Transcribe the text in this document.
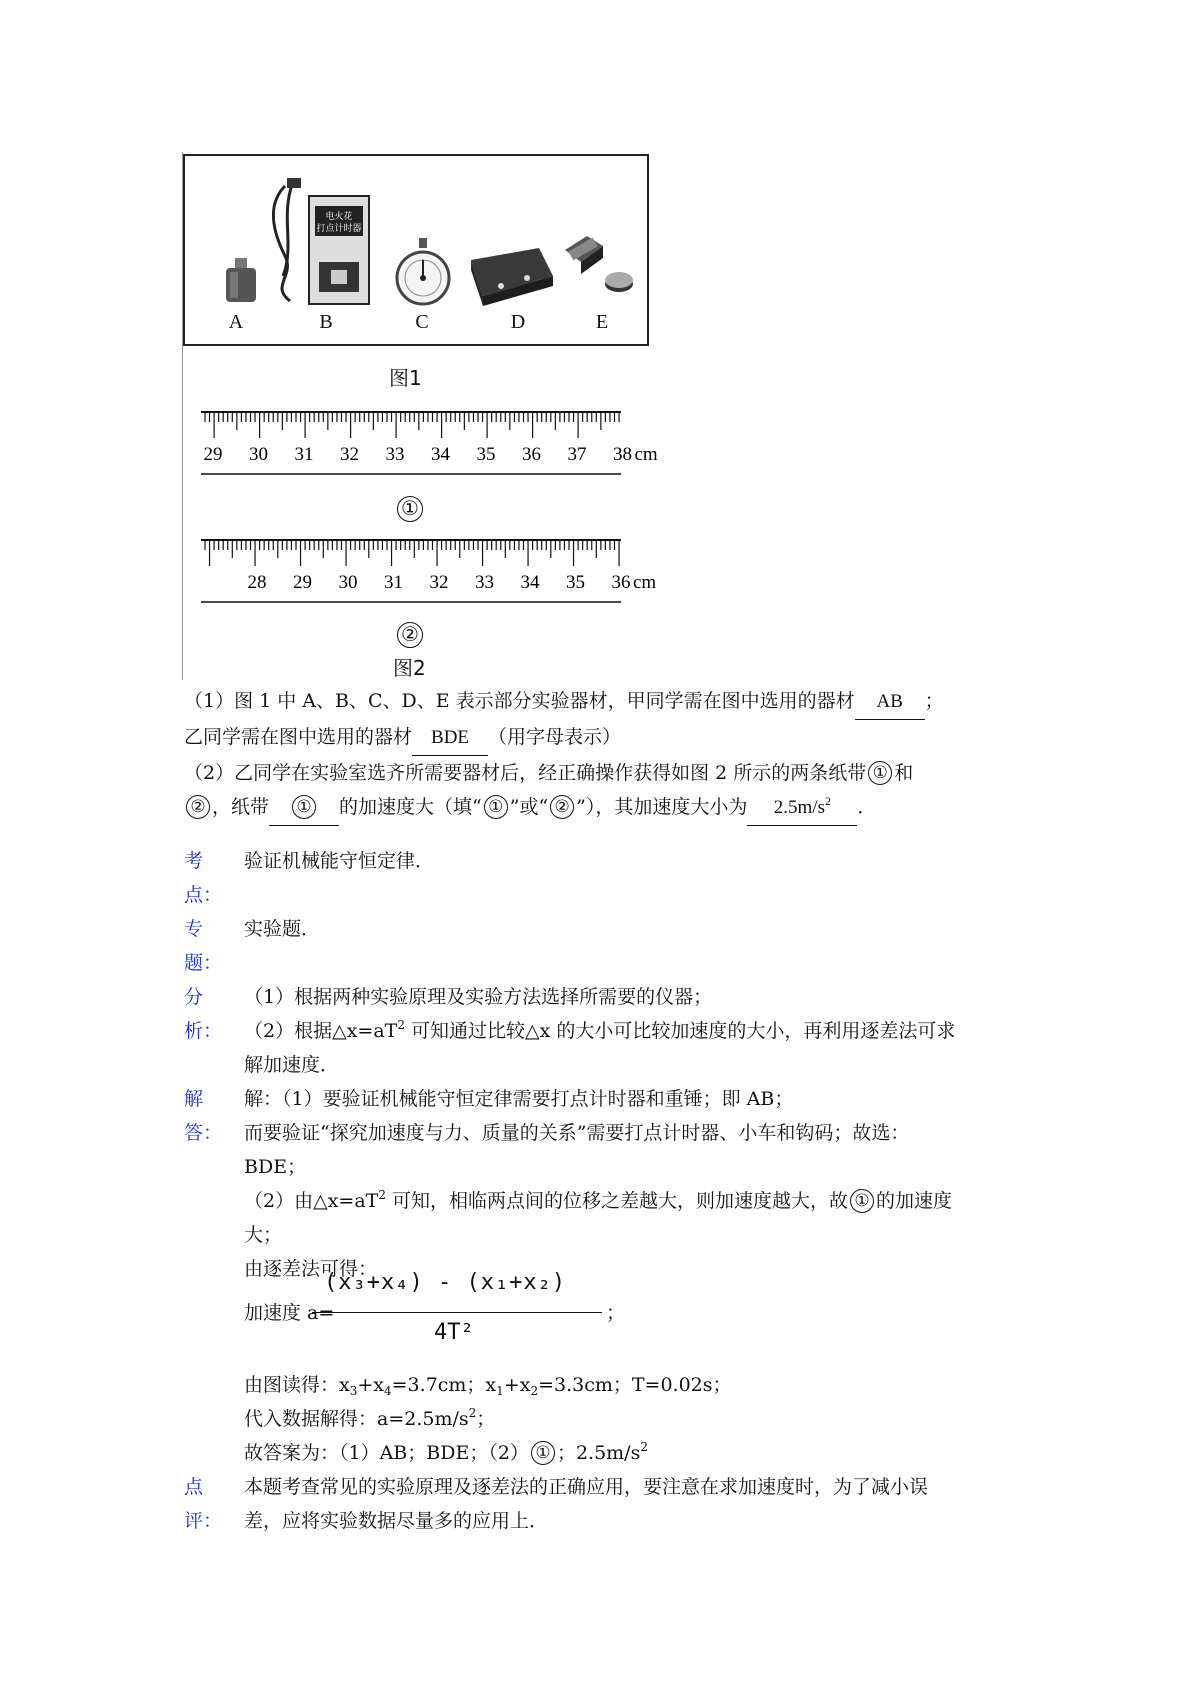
电火花
打点计时器
A	B	C	D	E
图1
29 30 31 32 33 34 35 36 37 38 cm
①
28 29 30 31 32 33 34 35 36 cm
②
图2
（1）图 1 中 A、B、C、D、E 表示部分实验器材，甲同学需在图中选用的器材 AB ；
乙同学需在图中选用的器材 BDE （用字母表示）
（2）乙同学在实验室选齐所需要器材后，经正确操作获得如图 2 所示的两条纸带 ① 和
② ，纸带 ① 的加速度大（填“ ① ”或“ ② ”），其加速度大小为 $2.5m/s^2$ ．
考
点：
验证机械能守恒定律．
专
题：
实验题．
分
析：
（1）根据两种实验原理及实验方法选择所需要的仪器；
（2）根据$\triangle x=aT^2$ 可知通过比较△x 的大小可比较加速度的大小，再利用逐差法可求
解加速度．
解
答：
解：（1）要验证机械能守恒定律需要打点计时器和重锤；即 AB；
而要验证“探究加速度与力、质量的关系”需要打点计时器、小车和钩码；故选：
BDE；
（2）由$\triangle x=aT^2$ 可知，相临两点间的位移之差越大，则加速度越大，故 ① 的加速度
大；
由逐差法可得：
加速度 a=
(x₃+x₄) - (x₁+x₂)
4T²
；
由图读得：$x_3+x_4=3.7cm$；$x_1+x_2=3.3cm$；T=0.02s；
代入数据解得：$a=2.5m/s^2$；
故答案为：（1）AB；BDE；（2） ① ；$2.5m/s^2$
点
评：
本题考查常见的实验原理及逐差法的正确应用，要注意在求加速度时，为了减小误
差，应将实验数据尽量多的应用上．
